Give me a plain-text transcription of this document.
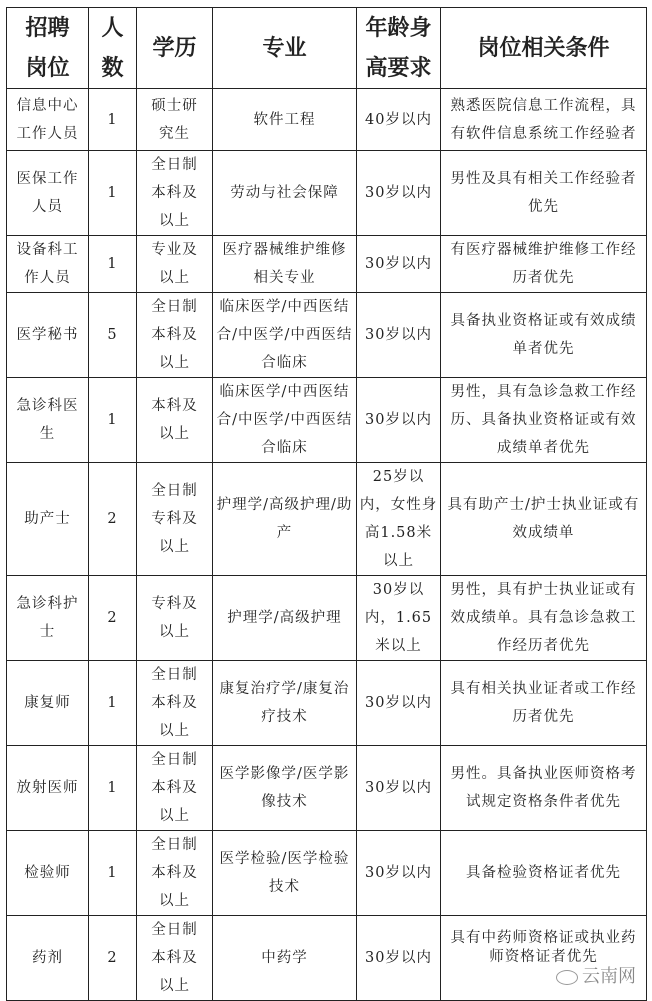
招聘岗位	人数	学历	专业	年龄身高要求	岗位相关条件
信息中心工作人员	1	硕士研究生	软件工程	40岁以内	熟悉医院信息工作流程，具有软件信息系统工作经验者
医保工作人员	1	全日制本科及以上	劳动与社会保障	30岁以内	男性及具有相关工作经验者优先
设备科工作人员	1	专业及以上	医疗器械维护维修相关专业	30岁以内	有医疗器械维护维修工作经历者优先
医学秘书	5	全日制本科及以上	临床医学/中西医结合/中医学/中西医结合临床	30岁以内	具备执业资格证或有效成绩单者优先
急诊科医生	1	本科及以上	临床医学/中西医结合/中医学/中西医结合临床	30岁以内	男性，具有急诊急救工作经历、具备执业资格证或有效成绩单者优先
助产士	2	全日制专科及以上	护理学/高级护理/助产	25岁以内，女性身高1.58米以上	具有助产士/护士执业证或有效成绩单
急诊科护士	2	专科及以上	护理学/高级护理	30岁以内，1.65米以上	男性，具有护士执业证或有效成绩单。具有急诊急救工作经历者优先
康复师	1	全日制本科及以上	康复治疗学/康复治疗技术	30岁以内	具有相关执业证者或工作经历者优先
放射医师	1	全日制本科及以上	医学影像学/医学影像技术	30岁以内	男性。具备执业医师资格考试规定资格条件者优先
检验师	1	全日制本科及以上	医学检验/医学检验技术	30岁以内	具备检验资格证者优先
药剂	2	全日制本科及以上	中药学	30岁以内	具有中药师资格证或执业药师资格证者优先
云南网
